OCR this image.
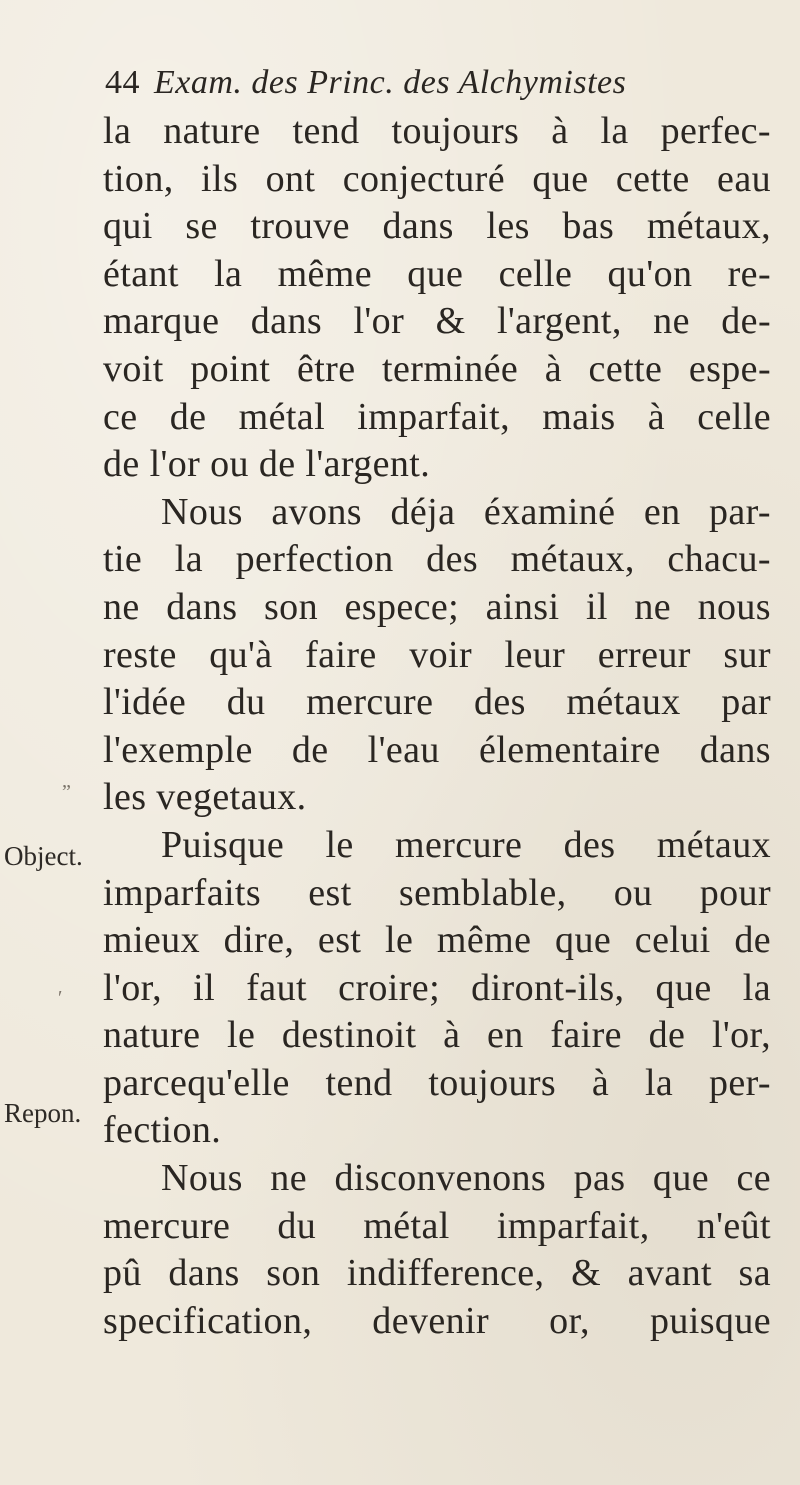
44 Exam. des Princ. des Alchymistes
la nature tend toujours à la perfec-
tion, ils ont conjecturé que cette eau
qui se trouve dans les bas métaux,
étant la même que celle qu'on re-
marque dans l'or & l'argent, ne de-
voit point être terminée à cette espe-
ce de métal imparfait, mais à celle
de l'or ou de l'argent.
Nous avons déja éxaminé en par-
tie la perfection des métaux, chacu-
ne dans son espece; ainsi il ne nous
reste qu'à faire voir leur erreur sur
l'idée du mercure des métaux par
l'exemple de l'eau élementaire dans
les vegetaux.
Puisque le mercure des métaux
imparfaits est semblable, ou pour
mieux dire, est le même que celui de
l'or, il faut croire; diront-ils, que la
nature le destinoit à en faire de l'or,
parcequ'elle tend toujours à la per-
fection.
Nous ne disconvenons pas que ce
mercure du métal imparfait, n'eût
pû dans son indifference, & avant sa
specification, devenir or, puisque
Object.
Repon.
„
′
